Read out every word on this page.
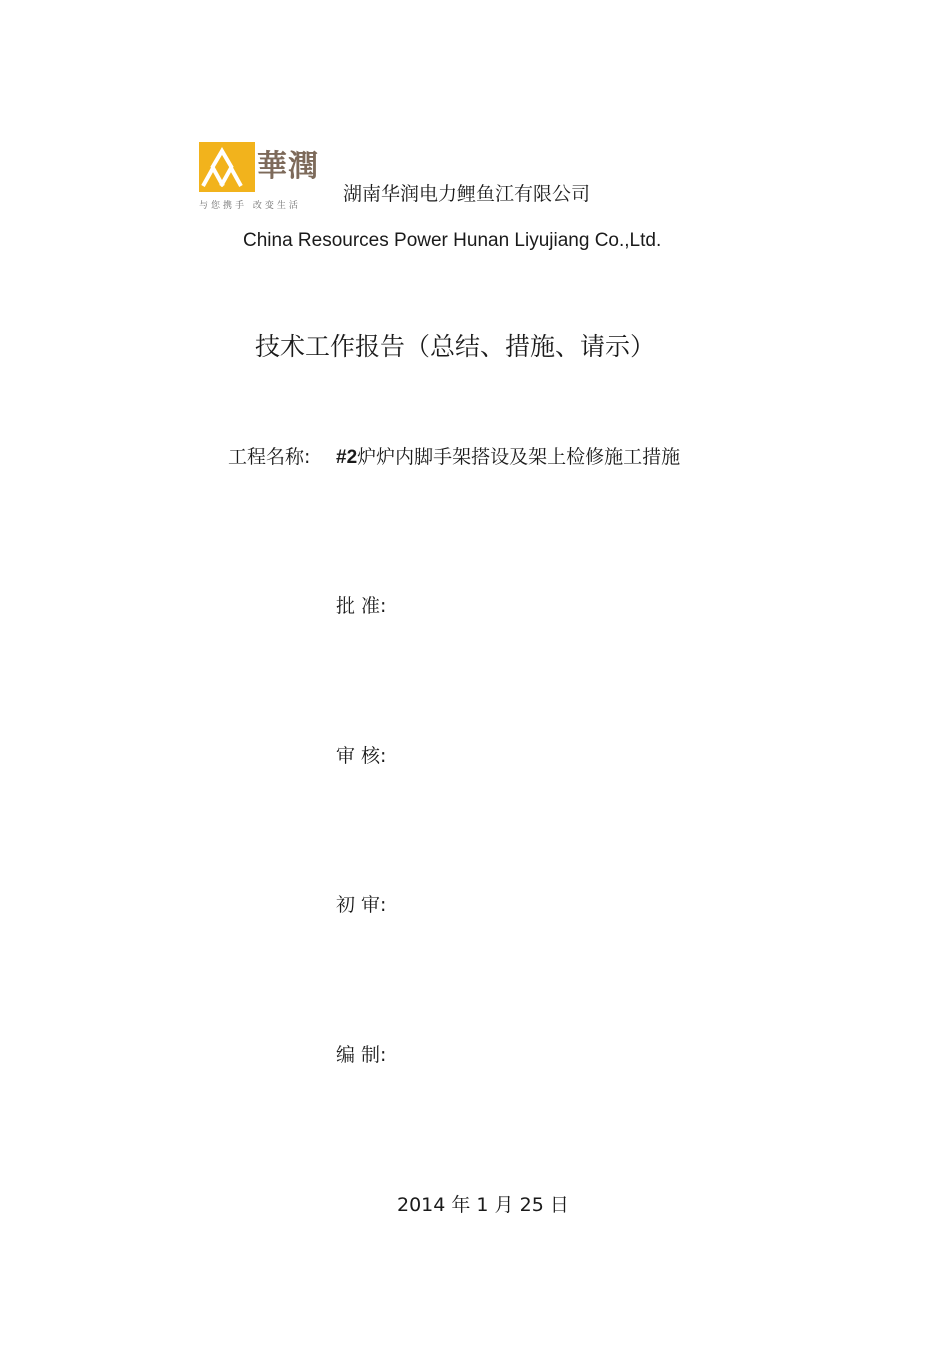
華潤
与您携手 改变生活
湖南华润电力鲤鱼江有限公司
China Resources Power Hunan Liyujiang Co.,Ltd.
技术工作报告（总结、措施、请示）
工程名称: #2炉炉内脚手架搭设及架上检修施工措施
批 准:
审 核:
初 审:
编 制:
2014 年 1 月 25 日
